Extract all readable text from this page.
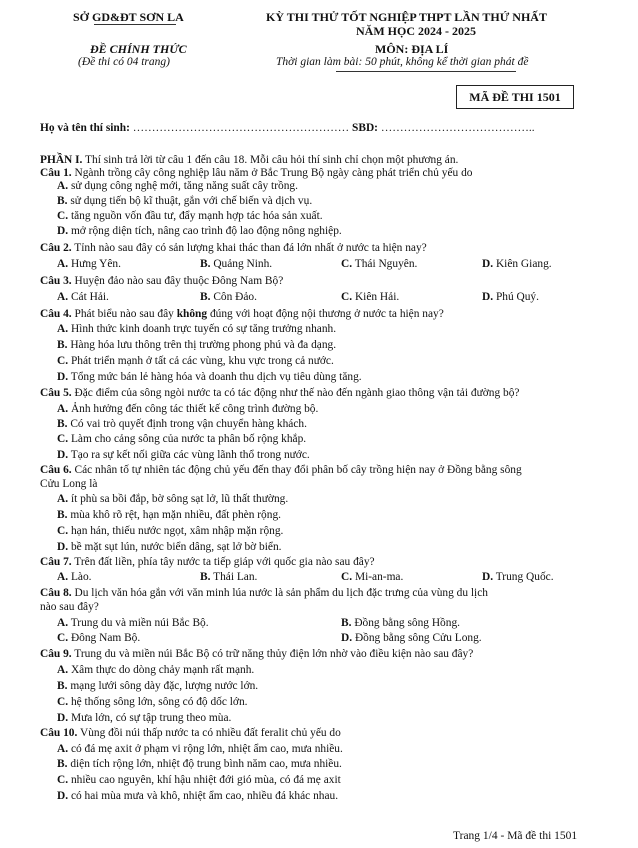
SỞ GD&ĐT SƠN LA
ĐỀ CHÍNH THỨC
(Đề thi có 04 trang)
KỲ THI THỬ TỐT NGHIỆP THPT LẦN THỨ NHẤT
NĂM HỌC 2024 - 2025
MÔN: ĐỊA LÍ
Thời gian làm bài: 50 phút, không kể thời gian phát đề
MÃ ĐỀ THI 1501
Họ và tên thí sinh: ………………………………………………… SBD: …………………………………..
PHẦN I. Thí sinh trả lời từ câu 1 đến câu 18. Mỗi câu hỏi thí sinh chỉ chọn một phương án.
Câu 1. Ngành trồng cây công nghiệp lâu năm ở Bắc Trung Bộ ngày càng phát triển chủ yếu do
A. sử dụng công nghệ mới, tăng năng suất cây trồng.
B. sử dụng tiến bộ kĩ thuật, gắn với chế biến và dịch vụ.
C. tăng nguồn vốn đầu tư, đẩy mạnh hợp tác hóa sản xuất.
D. mở rộng diện tích, nâng cao trình độ lao động nông nghiệp.
Câu 2. Tỉnh nào sau đây có sản lượng khai thác than đá lớn nhất ở nước ta hiện nay?
A. Hưng Yên.	B. Quảng Ninh.	C. Thái Nguyên.	D. Kiên Giang.
Câu 3. Huyện đảo nào sau đây thuộc Đông Nam Bộ?
A. Cát Hải.	B. Côn Đảo.	C. Kiên Hải.	D. Phú Quý.
Câu 4. Phát biểu nào sau đây không đúng với hoạt động nội thương ở nước ta hiện nay?
A. Hình thức kinh doanh trực tuyến có sự tăng trưởng nhanh.
B. Hàng hóa lưu thông trên thị trường phong phú và đa dạng.
C. Phát triển mạnh ở tất cả các vùng, khu vực trong cả nước.
D. Tổng mức bán lẻ hàng hóa và doanh thu dịch vụ tiêu dùng tăng.
Câu 5. Đặc điểm của sông ngòi nước ta có tác động như thế nào đến ngành giao thông vận tải đường bộ?
A. Ảnh hưởng đến công tác thiết kế công trình đường bộ.
B. Có vai trò quyết định trong vận chuyển hàng khách.
C. Làm cho cảng sông của nước ta phân bố rộng khắp.
D. Tạo ra sự kết nối giữa các vùng lãnh thổ trong nước.
Câu 6. Các nhân tố tự nhiên tác động chủ yếu đến thay đổi phân bố cây trồng hiện nay ở Đồng bằng sông
Cửu Long là
A. ít phù sa bồi đắp, bờ sông sạt lở, lũ thất thường.
B. mùa khô rõ rệt, hạn mặn nhiều, đất phèn rộng.
C. hạn hán, thiếu nước ngọt, xâm nhập mặn rộng.
D. bề mặt sụt lún, nước biển dâng, sạt lở bờ biển.
Câu 7. Trên đất liền, phía tây nước ta tiếp giáp với quốc gia nào sau đây?
A. Lào.	B. Thái Lan.	C. Mi-an-ma.	D. Trung Quốc.
Câu 8. Du lịch văn hóa gắn với văn minh lúa nước là sản phẩm du lịch đặc trưng của vùng du lịch
nào sau đây?
A. Trung du và miền núi Bắc Bộ.	B. Đồng bằng sông Hồng.
C. Đông Nam Bộ.	D. Đồng bằng sông Cửu Long.
Câu 9. Trung du và miền núi Bắc Bộ có trữ năng thủy điện lớn nhờ vào điều kiện nào sau đây?
A. Xâm thực do dòng chảy mạnh rất mạnh.
B. mạng lưới sông dày đặc, lượng nước lớn.
C. hệ thống sông lớn, sông có độ dốc lớn.
D. Mưa lớn, có sự tập trung theo mùa.
Câu 10. Vùng đồi núi thấp nước ta có nhiều đất feralit chủ yếu do
A. có đá mẹ axit ở phạm vi rộng lớn, nhiệt ẩm cao, mưa nhiều.
B. diện tích rộng lớn, nhiệt độ trung bình năm cao, mưa nhiều.
C. nhiều cao nguyên, khí hậu nhiệt đới gió mùa, có đá mẹ axit
D. có hai mùa mưa và khô, nhiệt ẩm cao, nhiều đá khác nhau.
Trang 1/4 - Mã đề thi 1501
